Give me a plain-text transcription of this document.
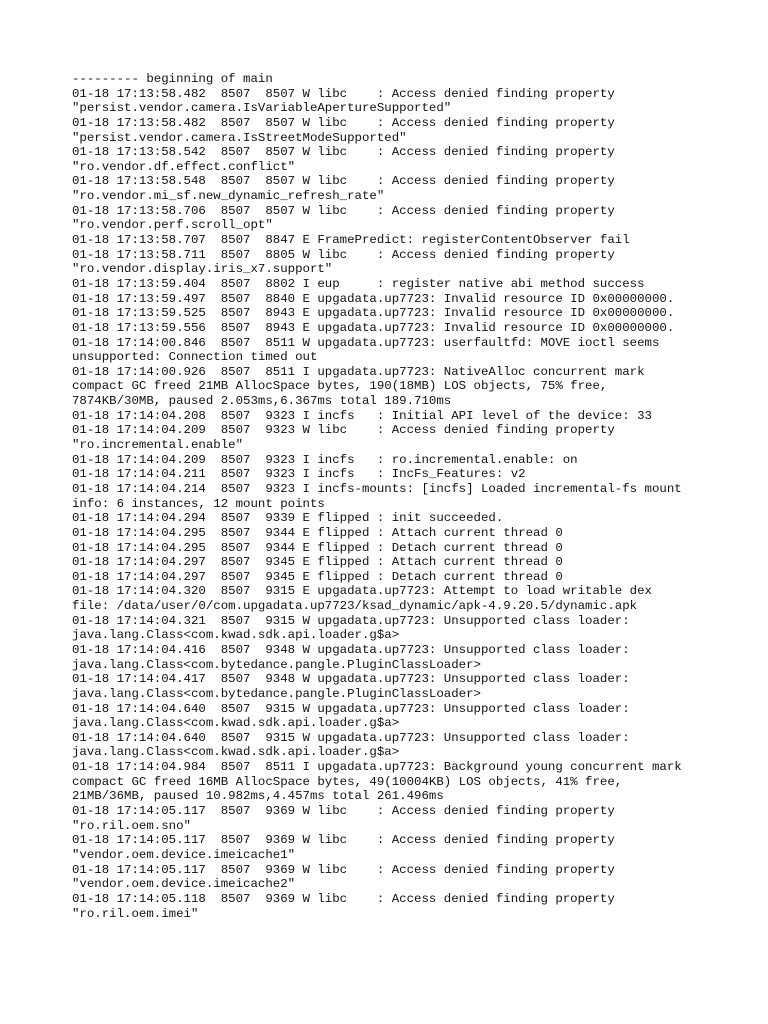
--------- beginning of main
01-18 17:13:58.482  8507  8507 W libc    : Access denied finding property
"persist.vendor.camera.IsVariableApertureSupported"
01-18 17:13:58.482  8507  8507 W libc    : Access denied finding property
"persist.vendor.camera.IsStreetModeSupported"
01-18 17:13:58.542  8507  8507 W libc    : Access denied finding property
"ro.vendor.df.effect.conflict"
01-18 17:13:58.548  8507  8507 W libc    : Access denied finding property
"ro.vendor.mi_sf.new_dynamic_refresh_rate"
01-18 17:13:58.706  8507  8507 W libc    : Access denied finding property
"ro.vendor.perf.scroll_opt"
01-18 17:13:58.707  8507  8847 E FramePredict: registerContentObserver fail
01-18 17:13:58.711  8507  8805 W libc    : Access denied finding property
"ro.vendor.display.iris_x7.support"
01-18 17:13:59.404  8507  8802 I eup     : register native abi method success
01-18 17:13:59.497  8507  8840 E upgadata.up7723: Invalid resource ID 0x00000000.
01-18 17:13:59.525  8507  8943 E upgadata.up7723: Invalid resource ID 0x00000000.
01-18 17:13:59.556  8507  8943 E upgadata.up7723: Invalid resource ID 0x00000000.
01-18 17:14:00.846  8507  8511 W upgadata.up7723: userfaultfd: MOVE ioctl seems
unsupported: Connection timed out
01-18 17:14:00.926  8507  8511 I upgadata.up7723: NativeAlloc concurrent mark
compact GC freed 21MB AllocSpace bytes, 190(18MB) LOS objects, 75% free,
7874KB/30MB, paused 2.053ms,6.367ms total 189.710ms
01-18 17:14:04.208  8507  9323 I incfs   : Initial API level of the device: 33
01-18 17:14:04.209  8507  9323 W libc    : Access denied finding property
"ro.incremental.enable"
01-18 17:14:04.209  8507  9323 I incfs   : ro.incremental.enable: on
01-18 17:14:04.211  8507  9323 I incfs   : IncFs_Features: v2
01-18 17:14:04.214  8507  9323 I incfs-mounts: [incfs] Loaded incremental-fs mount
info: 6 instances, 12 mount points
01-18 17:14:04.294  8507  9339 E flipped : init succeeded.
01-18 17:14:04.295  8507  9344 E flipped : Attach current thread 0
01-18 17:14:04.295  8507  9344 E flipped : Detach current thread 0
01-18 17:14:04.297  8507  9345 E flipped : Attach current thread 0
01-18 17:14:04.297  8507  9345 E flipped : Detach current thread 0
01-18 17:14:04.320  8507  9315 E upgadata.up7723: Attempt to load writable dex
file: /data/user/0/com.upgadata.up7723/ksad_dynamic/apk-4.9.20.5/dynamic.apk
01-18 17:14:04.321  8507  9315 W upgadata.up7723: Unsupported class loader:
java.lang.Class<com.kwad.sdk.api.loader.g$a>
01-18 17:14:04.416  8507  9348 W upgadata.up7723: Unsupported class loader:
java.lang.Class<com.bytedance.pangle.PluginClassLoader>
01-18 17:14:04.417  8507  9348 W upgadata.up7723: Unsupported class loader:
java.lang.Class<com.bytedance.pangle.PluginClassLoader>
01-18 17:14:04.640  8507  9315 W upgadata.up7723: Unsupported class loader:
java.lang.Class<com.kwad.sdk.api.loader.g$a>
01-18 17:14:04.640  8507  9315 W upgadata.up7723: Unsupported class loader:
java.lang.Class<com.kwad.sdk.api.loader.g$a>
01-18 17:14:04.984  8507  8511 I upgadata.up7723: Background young concurrent mark
compact GC freed 16MB AllocSpace bytes, 49(10004KB) LOS objects, 41% free,
21MB/36MB, paused 10.982ms,4.457ms total 261.496ms
01-18 17:14:05.117  8507  9369 W libc    : Access denied finding property
"ro.ril.oem.sno"
01-18 17:14:05.117  8507  9369 W libc    : Access denied finding property
"vendor.oem.device.imeicache1"
01-18 17:14:05.117  8507  9369 W libc    : Access denied finding property
"vendor.oem.device.imeicache2"
01-18 17:14:05.118  8507  9369 W libc    : Access denied finding property
"ro.ril.oem.imei"
